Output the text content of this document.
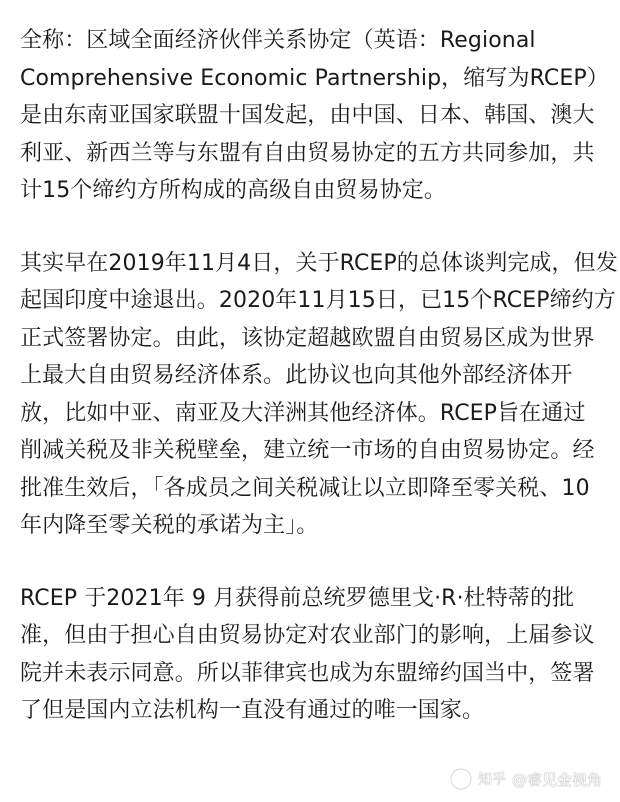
全称：区域全面经济伙伴关系协定（英语：Regional
Comprehensive Economic Partnership，缩写为RCEP）
是由东南亚国家联盟十国发起，由中国、日本、韩国、澳大
利亚、新西兰等与东盟有自由贸易协定的五方共同参加，共
计15个缔约方所构成的高级自由贸易协定。
其实早在2019年11月4日，关于RCEP的总体谈判完成，但发
起国印度中途退出。2020年11月15日，已15个RCEP缔约方
正式签署协定。由此，该协定超越欧盟自由贸易区成为世界
上最大自由贸易经济体系。此协议也向其他外部经济体开
放，比如中亚、南亚及大洋洲其他经济体。RCEP旨在通过
削减关税及非关税壁垒，建立统一市场的自由贸易协定。经
批准生效后，「各成员之间关税减让以立即降至零关税、10
年内降至零关税的承诺为主」。
RCEP 于2021年 9 月获得前总统罗德里戈·R·杜特蒂的批
准，但由于担心自由贸易协定对农业部门的影响，上届参议
院并未表示同意。所以菲律宾也成为东盟缔约国当中，签署
了但是国内立法机构一直没有通过的唯一国家。
知乎 @睿见金视角
